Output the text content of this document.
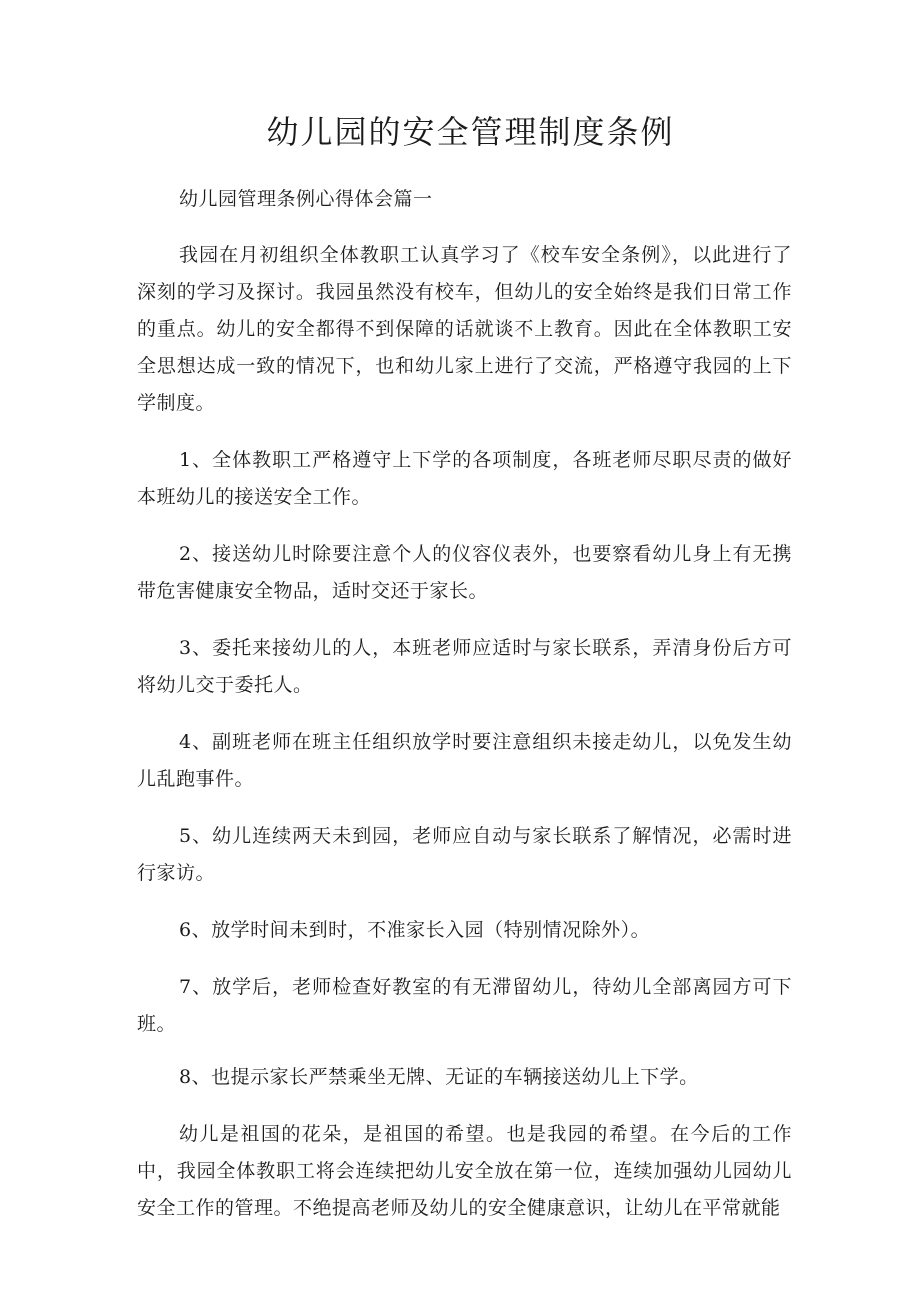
幼儿园的安全管理制度条例

幼儿园管理条例心得体会篇一

我园在月初组织全体教职工认真学习了《校车安全条例》，以此进行了深刻的学习及探讨。我园虽然没有校车，但幼儿的安全始终是我们日常工作的重点。幼儿的安全都得不到保障的话就谈不上教育。因此在全体教职工安全思想达成一致的情况下，也和幼儿家上进行了交流，严格遵守我园的上下学制度。

1、全体教职工严格遵守上下学的各项制度，各班老师尽职尽责的做好本班幼儿的接送安全工作。

2、接送幼儿时除要注意个人的仪容仪表外，也要察看幼儿身上有无携带危害健康安全物品，适时交还于家长。

3、委托来接幼儿的人，本班老师应适时与家长联系，弄清身份后方可将幼儿交于委托人。

4、副班老师在班主任组织放学时要注意组织未接走幼儿，以免发生幼儿乱跑事件。

5、幼儿连续两天未到园，老师应自动与家长联系了解情况，必需时进行家访。

6、放学时间未到时，不准家长入园（特别情况除外）。

7、放学后，老师检查好教室的有无滞留幼儿，待幼儿全部离园方可下班。

8、也提示家长严禁乘坐无牌、无证的车辆接送幼儿上下学。

幼儿是祖国的花朵，是祖国的希望。也是我园的希望。在今后的工作中，我园全体教职工将会连续把幼儿安全放在第一位，连续加强幼儿园幼儿安全工作的管理。不绝提高老师及幼儿的安全健康意识，让幼儿在平常就能
